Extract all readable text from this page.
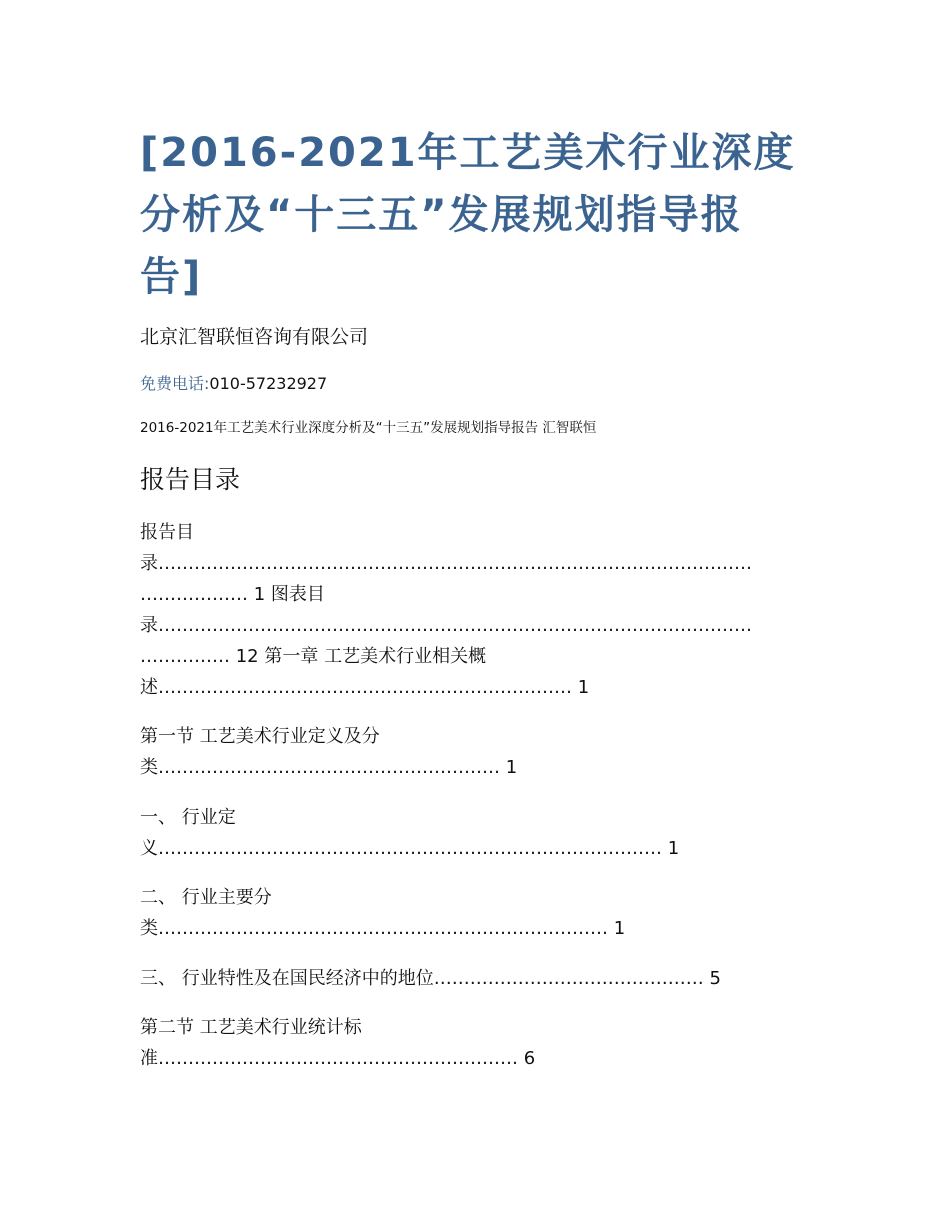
[2016-2021年工艺美术行业深度
分析及“十三五”发展规划指导报
告]
北京汇智联恒咨询有限公司
免费电话:010-57232927
2016-2021年工艺美术行业深度分析及“十三五”发展规划指导报告 汇智联恒
报告目录
报告目
录………………………………………………………………………………………
……………… 1 图表目
录………………………………………………………………………………………
…………… 12 第一章 工艺美术行业相关概
述…………………………………………………………… 1
第一节 工艺美术行业定义及分
类………………………………………………… 1
一、 行业定
义………………………………………………………………………… 1
二、 行业主要分
类………………………………………………………………… 1
三、 行业特性及在国民经济中的地位……………………………………… 5
第二节 工艺美术行业统计标
准…………………………………………………… 6
